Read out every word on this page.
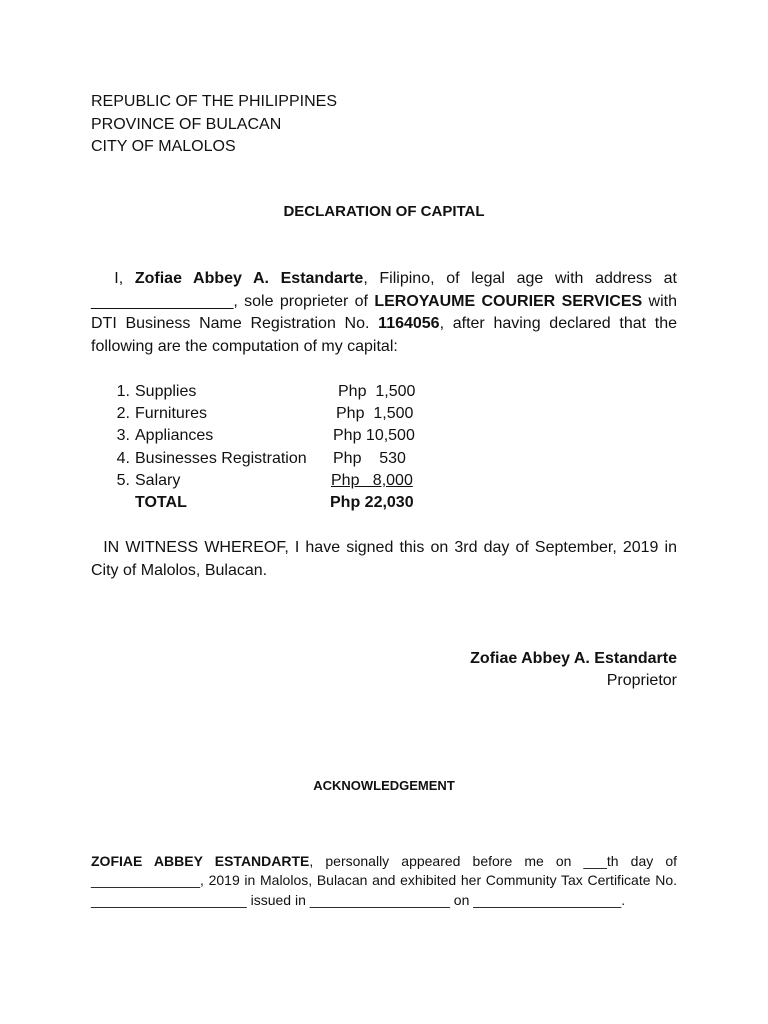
REPUBLIC OF THE PHILIPPINES
PROVINCE OF BULACAN
CITY OF MALOLOS
DECLARATION OF CAPITAL
I, Zofiae Abbey A. Estandarte, Filipino, of legal age with address at
________________, sole proprieter of LEROYAUME COURIER SERVICES with
DTI Business Name Registration No. 1164056, after having declared that the
following are the computation of my capital:
1. Supplies	Php  1,500
2. Furnitures	Php  1,500
3. Appliances	Php 10,500
4. Businesses Registration Php    530
5. Salary	Php   8,000
TOTAL	Php 22,030
IN WITNESS WHEREOF, I have signed this on 3rd day of September, 2019 in
City of Malolos, Bulacan.
Zofiae Abbey A. Estandarte
Proprietor
ACKNOWLEDGEMENT
ZOFIAE ABBEY ESTANDARTE, personally appeared before me on ___th day of
______________, 2019 in Malolos, Bulacan and exhibited her Community Tax Certificate No.
____________________ issued in __________________ on ___________________.
